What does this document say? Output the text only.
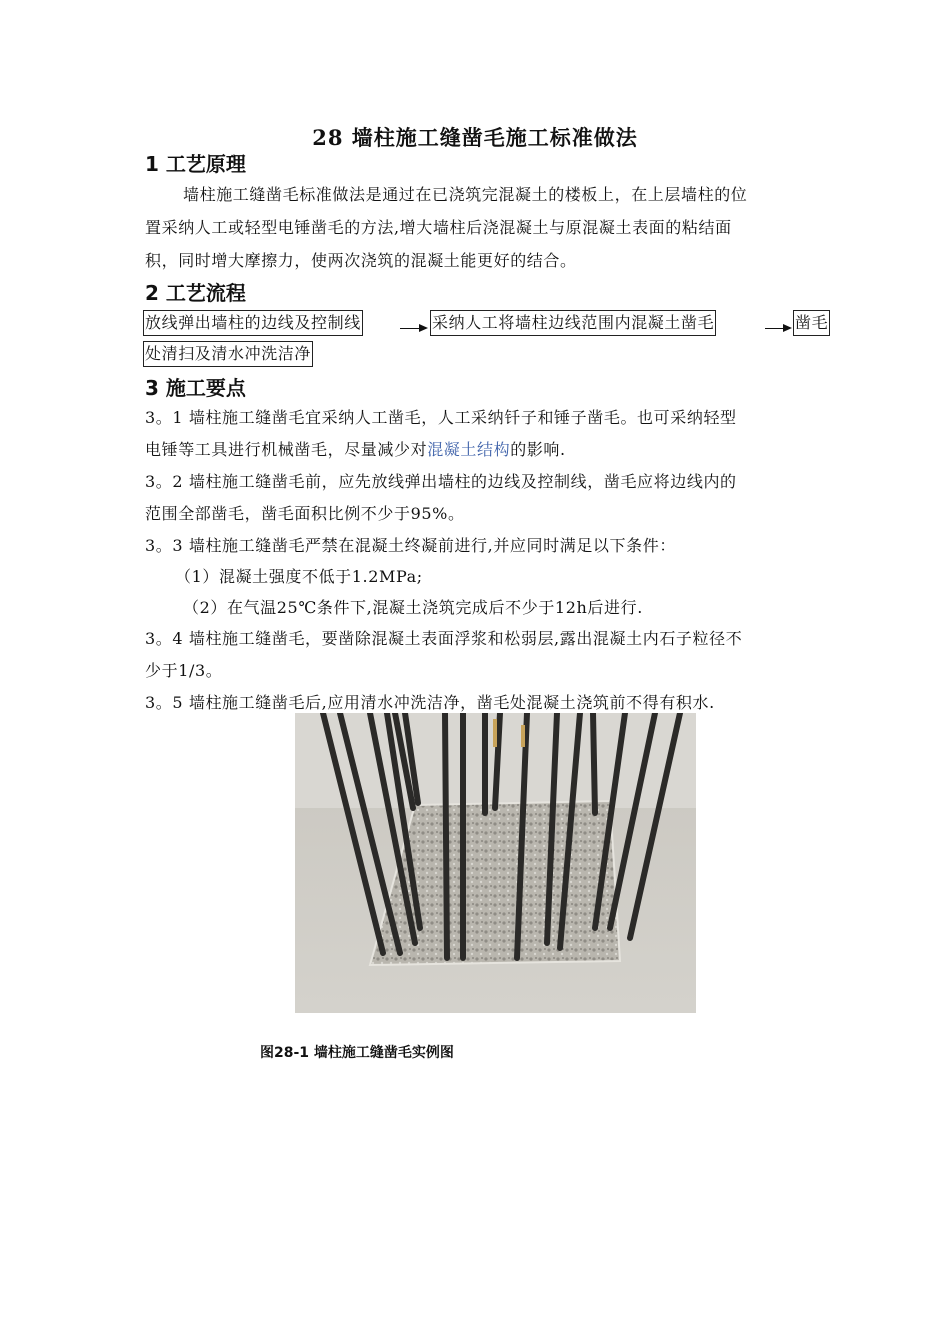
28 墙柱施工缝凿毛施工标准做法
1 工艺原理
墙柱施工缝凿毛标准做法是通过在已浇筑完混凝土的楼板上，在上层墙柱的位
置采纳人工或轻型电锤凿毛的方法,增大墙柱后浇混凝土与原混凝土表面的粘结面
积，同时增大摩擦力，使两次浇筑的混凝土能更好的结合。
2 工艺流程
放线弹出墙柱的边线及控制线	采纳人工将墙柱边线范围内混凝土凿毛	凿毛
处清扫及清水冲洗洁净
3 施工要点
3。1 墙柱施工缝凿毛宜采纳人工凿毛，人工采纳钎子和锤子凿毛。也可采纳轻型
电锤等工具进行机械凿毛，尽量减少对混凝土结构的影响.
3。2 墙柱施工缝凿毛前，应先放线弹出墙柱的边线及控制线，凿毛应将边线内的
范围全部凿毛，凿毛面积比例不少于95%。
3。3 墙柱施工缝凿毛严禁在混凝土终凝前进行,并应同时满足以下条件：
（1）混凝土强度不低于1.2MPa;
（2）在气温25℃条件下,混凝土浇筑完成后不少于12h后进行.
3。4 墙柱施工缝凿毛，要凿除混凝土表面浮浆和松弱层,露出混凝土内石子粒径不
少于1/3。
3。5 墙柱施工缝凿毛后,应用清水冲洗洁净，凿毛处混凝土浇筑前不得有积水.
图28-1 墙柱施工缝凿毛实例图
